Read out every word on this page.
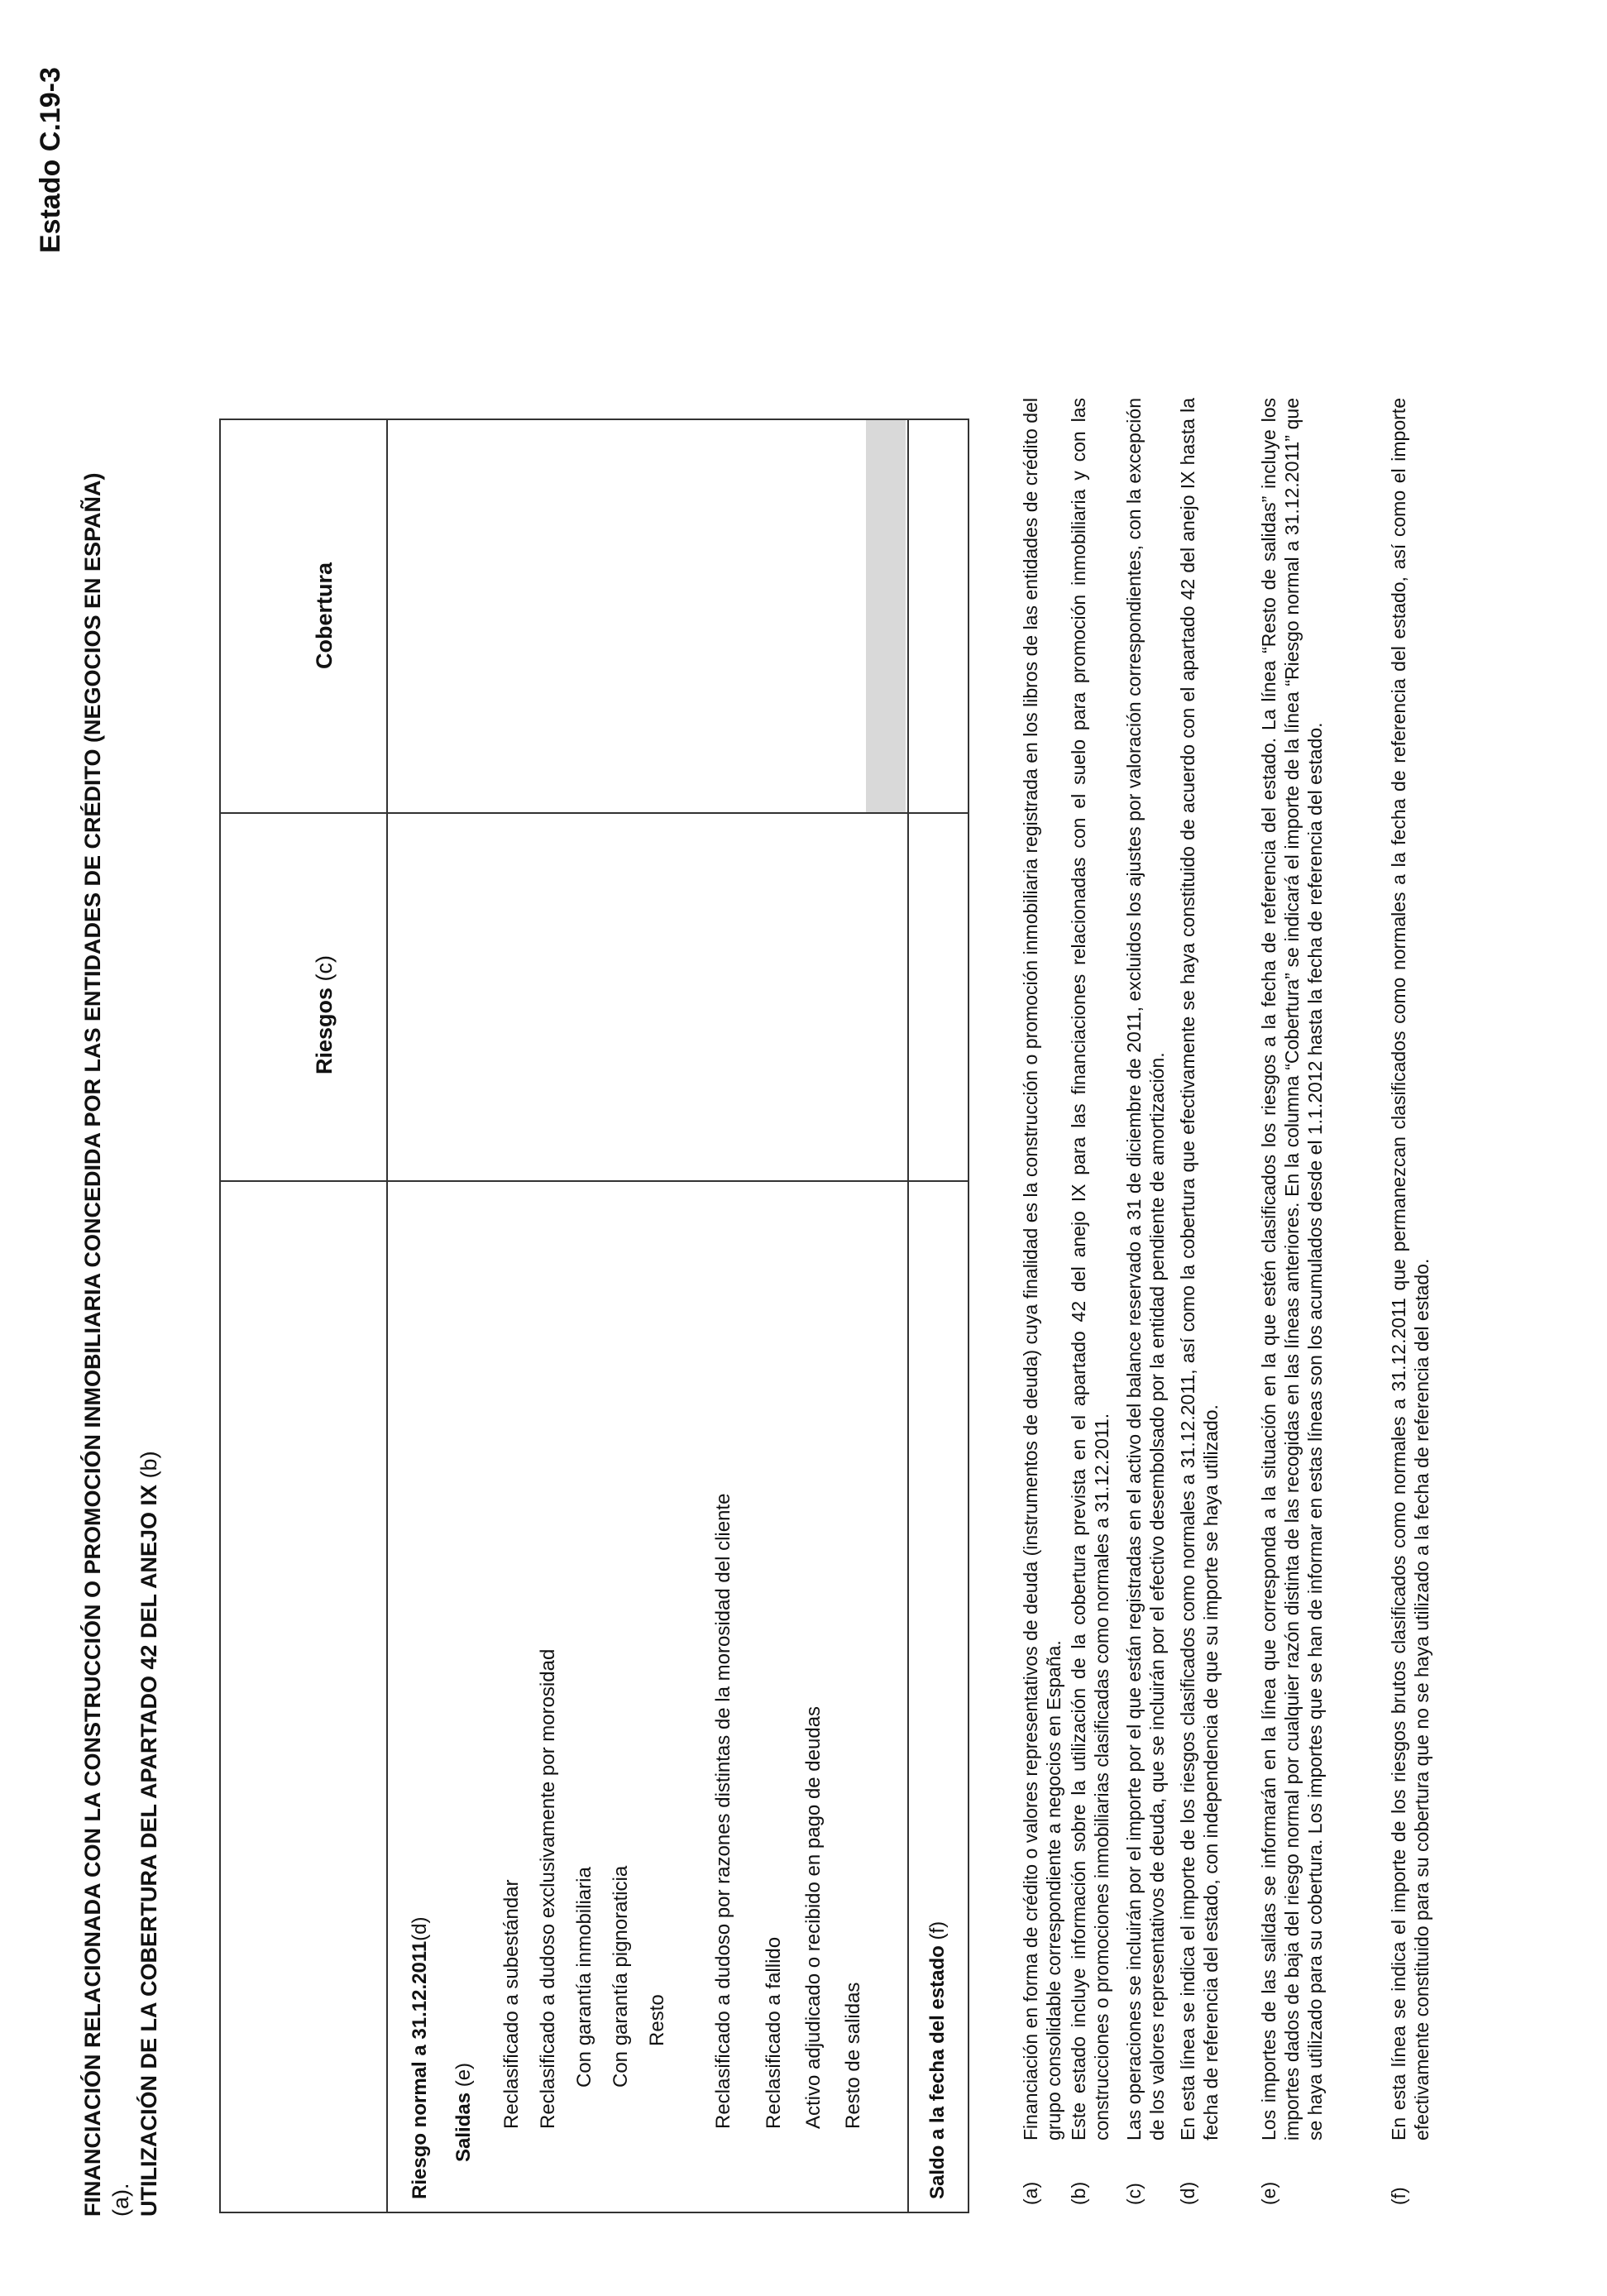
Estado C.19-3
FINANCIACIÓN RELACIONADA CON LA CONSTRUCCIÓN O PROMOCIÓN INMOBILIARIA CONCEDIDA POR LAS ENTIDADES DE CRÉDITO (NEGOCIOS EN ESPAÑA) (a). UTILIZACIÓN DE LA COBERTURA DEL APARTADO 42 DEL ANEJO IX (b)
Riesgos (c)
Cobertura
Riesgo normal a 31.12.2011(d)
Salidas (e) Reclasificado a subestándar Reclasificado a dudoso exclusivamente por morosidad Con garantía inmobiliaria Con garantía pignoraticia Resto Reclasificado a dudoso por razones distintas de la morosidad del cliente Reclasificado a fallido Activo adjudicado o recibido en pago de deudas Resto de salidas	Saldo a la fecha del estado (f)
(a)
Financiación en forma de crédito o valores representativos de deuda (instrumentos de deuda) cuya finalidad es la construcción o promoción inmobiliaria registrada en los libros de las entidades de crédito del grupo consolidable correspondiente a negocios en España.
(b)
Este estado incluye información sobre la utilización de la cobertura prevista en el apartado 42 del anejo IX para las financiaciones relacionadas con el suelo para promoción inmobiliaria y con las construcciones o promociones inmobiliarias clasificadas como normales a 31.12.2011.
(c)
Las operaciones se incluirán por el importe por el que están registradas en el activo del balance reservado a 31 de diciembre de 2011, excluidos los ajustes por valoración correspondientes, con la excepción de los valores representativos de deuda, que se incluirán por el efectivo desembolsado por la entidad pendiente de amortización.
(d)
En esta línea se indica el importe de los riesgos clasificados como normales a 31.12.2011, así como la cobertura que efectivamente se haya constituido de acuerdo con el apartado 42 del anejo IX hasta la fecha de referencia del estado, con independencia de que su importe se haya utilizado.
(e)
Los importes de las salidas se informarán en la línea que corresponda a la situación en la que estén clasificados los riesgos a la fecha de referencia del estado. La línea “Resto de salidas” incluye los importes dados de baja del riesgo normal por cualquier razón distinta de las recogidas en las líneas anteriores. En la columna “Cobertura” se indicará el importe de la línea “Riesgo normal a 31.12.2011” que se haya utilizado para su cobertura. Los importes que se han de informar en estas líneas son los acumulados desde el 1.1.2012 hasta la fecha de referencia del estado.
(f)
En esta línea se indica el importe de los riesgos brutos clasificados como normales a 31.12.2011 que permanezcan clasificados como normales a la fecha de referencia del estado, así como el importe efectivamente constituido para su cobertura que no se haya utilizado a la fecha de referencia del estado.
